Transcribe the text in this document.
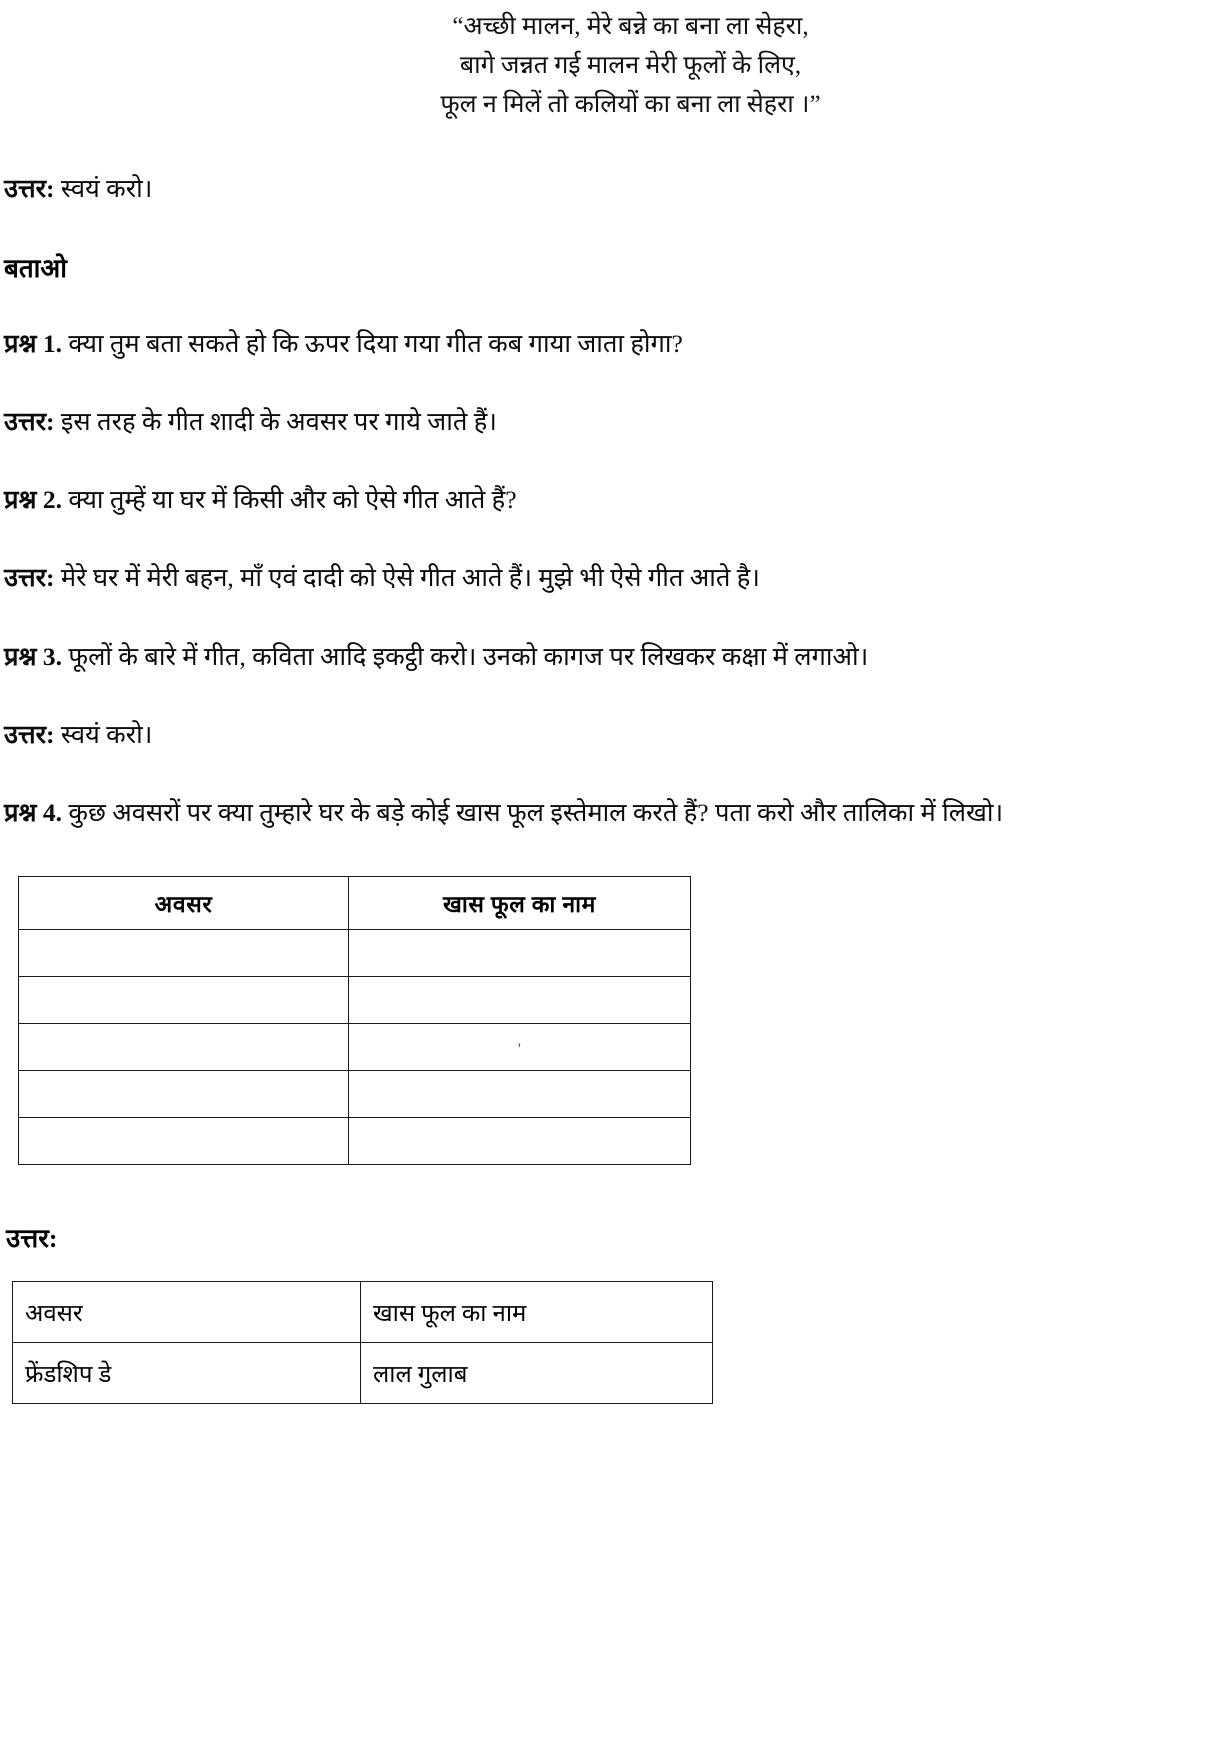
“अच्छी मालन, मेरे बन्ने का बना ला सेहरा,
बागे जन्नत गई मालन मेरी फूलों के लिए,
फूल न मिलें तो कलियों का बना ला सेहरा ।”

उत्तर: स्वयं करो।

बताओ

प्रश्न 1. क्या तुम बता सकते हो कि ऊपर दिया गया गीत कब गाया जाता होगा?

उत्तर: इस तरह के गीत शादी के अवसर पर गाये जाते हैं।

प्रश्न 2. क्या तुम्हें या घर में किसी और को ऐसे गीत आते हैं?

उत्तर: मेरे घर में मेरी बहन, माँ एवं दादी को ऐसे गीत आते हैं। मुझे भी ऐसे गीत आते है।

प्रश्न 3. फूलों के बारे में गीत, कविता आदि इकट्ठी करो। उनको कागज पर लिखकर कक्षा में लगाओ।

उत्तर: स्वयं करो।

प्रश्न 4. कुछ अवसरों पर क्या तुम्हारे घर के बड़े कोई खास फूल इस्तेमाल करते हैं? पता करो और तालिका में लिखो।

अवसर	खास फूल का नाम

	'

उत्तर:

अवसर	खास फूल का नाम
फ्रेंडशिप डे	लाल गुलाब
